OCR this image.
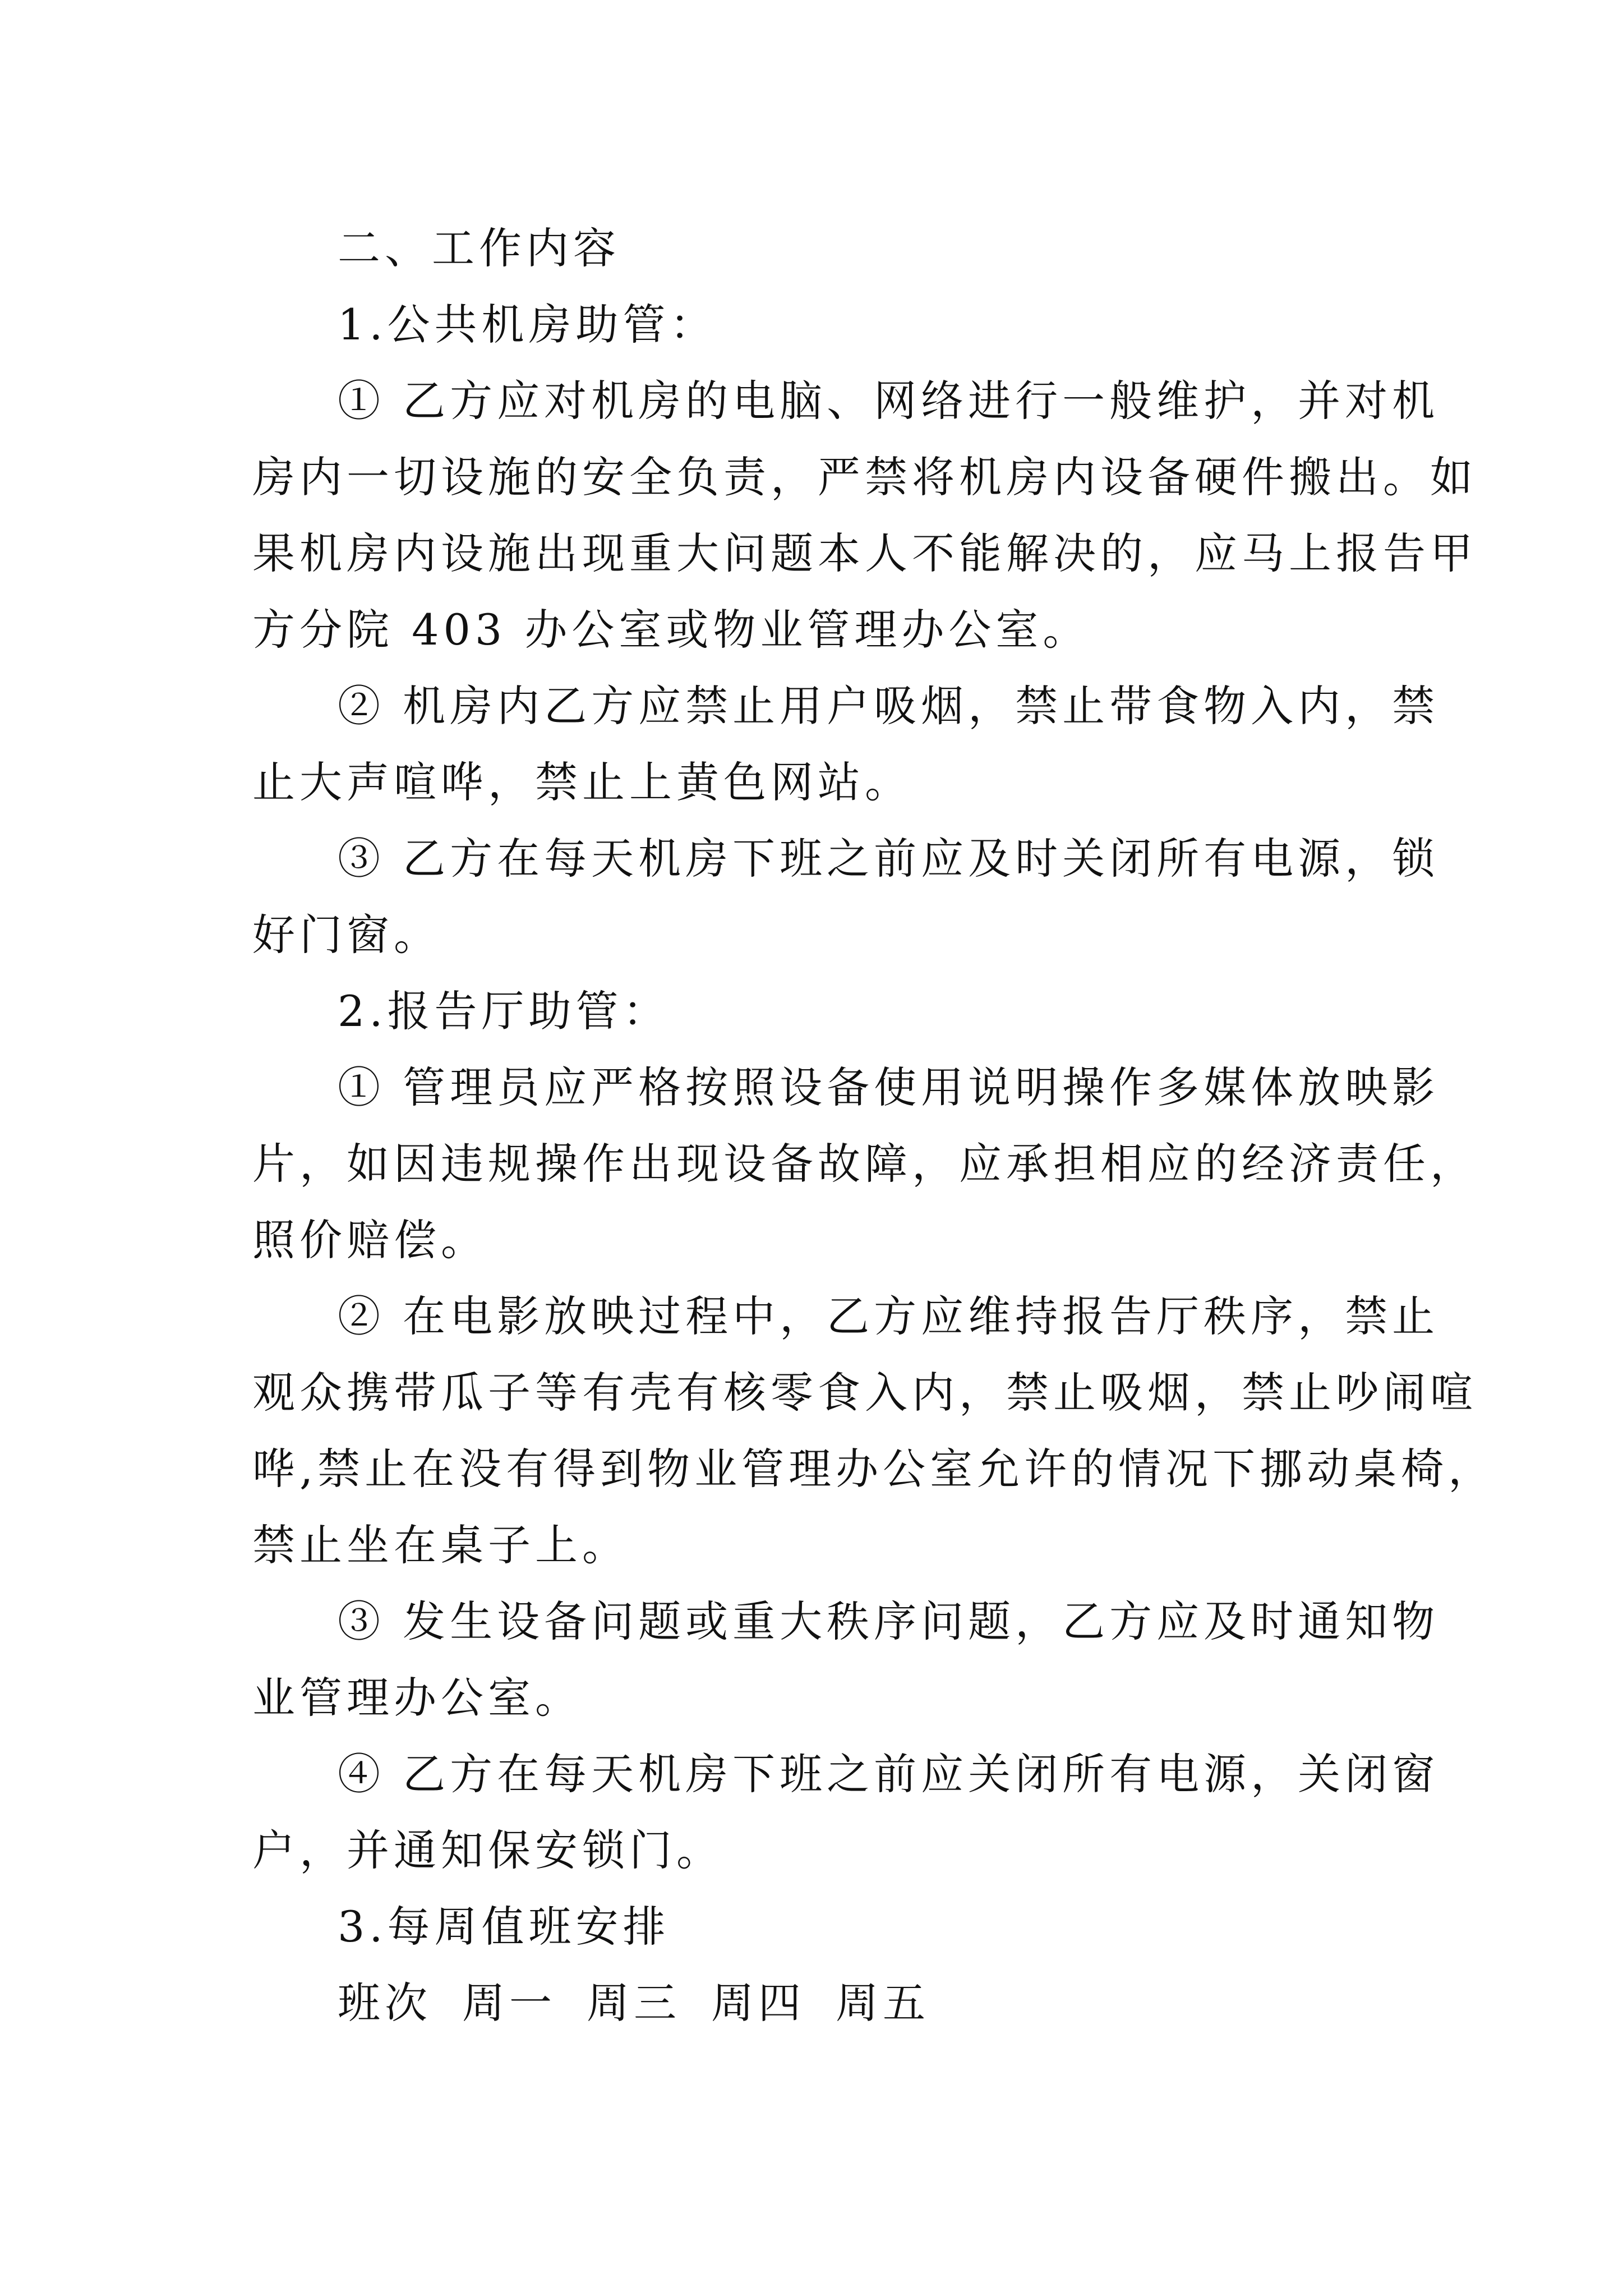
二、工作内容

1.公共机房助管：

① 乙方应对机房的电脑、网络进行一般维护，并对机
房内一切设施的安全负责，严禁将机房内设备硬件搬出。如
果机房内设施出现重大问题本人不能解决的，应马上报告甲
方分院 403 办公室或物业管理办公室。
② 机房内乙方应禁止用户吸烟，禁止带食物入内，禁
止大声喧哗，禁止上黄色网站。
③ 乙方在每天机房下班之前应及时关闭所有电源，锁
好门窗。

2.报告厅助管：

① 管理员应严格按照设备使用说明操作多媒体放映影
片，如因违规操作出现设备故障，应承担相应的经济责任，
照价赔偿。
② 在电影放映过程中，乙方应维持报告厅秩序，禁止
观众携带瓜子等有壳有核零食入内，禁止吸烟，禁止吵闹喧
哗,禁止在没有得到物业管理办公室允许的情况下挪动桌椅，
禁止坐在桌子上。
③ 发生设备问题或重大秩序问题，乙方应及时通知物
业管理办公室。
④ 乙方在每天机房下班之前应关闭所有电源，关闭窗
户，并通知保安锁门。

3.每周值班安排

班次 周一 周三 周四 周五
